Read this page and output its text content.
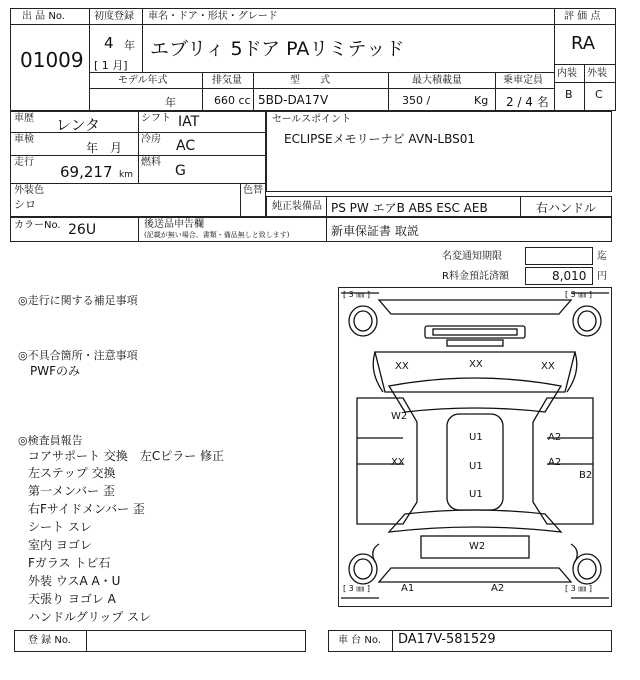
出 品 No.
01009
初度登録
4 年
[ 1 月]
車名・ドア・形状・グレード
エブリィ 5ドア PAリミテッド
モデル年式	排気量	型　　式	最大積載量	乗車定員
年	660 cc 5BD-DA17V	350 /	Kg 2 / 4 名
評 価 点
RA
内装 外装
B C
車歴 レンタ	シフト IAT
車検
年　月
冷房 AC
走行
69,217 km
燃料
G
外装色
シロ
色替
セールスポイント
ECLIPSEメモリーナビ AVN-LBS01
純正装備品 PS PW エアB ABS ESC AEB	右ハンドル
カラーNo. 26U	後送品申告欄
(記載が無い場合、書類・備品無しと致します)	新車保証書 取説
名変通知期限	迄
R料金預託済額	8,010 円
◎走行に関する補足事項
◎不具合箇所・注意事項
PWFのみ
◎検査員報告
コアサポート 交換　左Cピラー 修正
左ステップ 交換
第一メンバー 歪
右Fサイドメンバー 歪
シート スレ
室内 ヨゴレ
Fガラス トビ石
外装 ウスA A・U
天張り ヨゴレ A
ハンドルグリップ スレ
[ 3 ㎜ ]	[ 3 ㎜ ]
[ 3 ㎜ ]	[ 3 ㎜ ]
XX	XX	XX
W2
XX
U1
U1
U1
A2
A2
B2
W2
A1	A2
登 録 No.	車 台 No. DA17V-581529
